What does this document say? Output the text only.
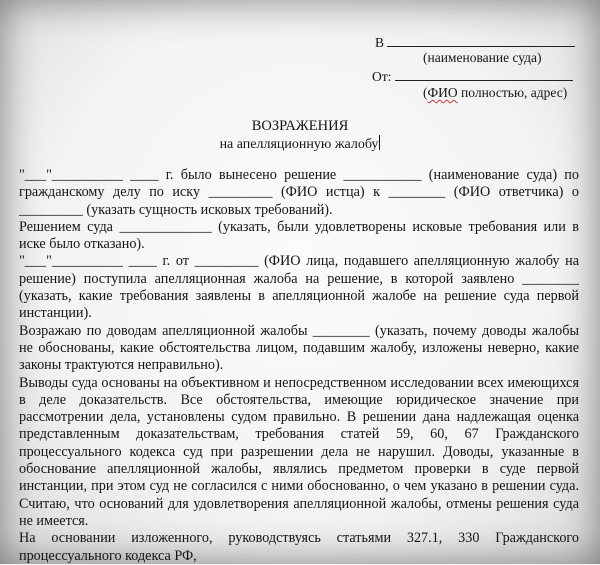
В
(наименование суда)
От:
(ФИО полностью, адрес)
ВОЗРАЖЕНИЯ
на апелляционную жалобу

"___"__________ ____ г. было вынесено решение ___________ (наименование суда) по гражданскому делу по иску _________ (ФИО истца) к ________ (ФИО ответчика) о _________ (указать сущность исковых требований).

Решением суда _____________ (указать, были удовлетворены исковые требования или в иске было отказано).

"___"__________ ____ г. от _________ (ФИО лица, подавшего апелляционную жалобу на решение) поступила апелляционная жалоба на решение, в которой заявлено ________ (указать, какие требования заявлены в апелляционной жалобе на решение суда первой инстанции).

Возражаю по доводам апелляционной жалобы ________ (указать, почему доводы жалобы не обоснованы, какие обстоятельства лицом, подавшим жалобу, изложены неверно, какие законы трактуются неправильно).

Выводы суда основаны на объективном и непосредственном исследовании всех имеющихся в деле доказательств. Все обстоятельства, имеющие юридическое значение при рассмотрении дела, установлены судом правильно. В решении дана надлежащая оценка представленным доказательствам, требования статей 59, 60, 67 Гражданского процессуального кодекса суд при разрешении дела не нарушил. Доводы, указанные в обоснование апелляционной жалобы, являлись предметом проверки в суде первой инстанции, при этом суд не согласился с ними обоснованно, о чем указано в решении суда. Считаю, что оснований для удовлетворения апелляционной жалобы, отмены решения суда не имеется.

На основании изложенного, руководствуясь статьями 327.1, 330 Гражданского процессуального кодекса РФ,
